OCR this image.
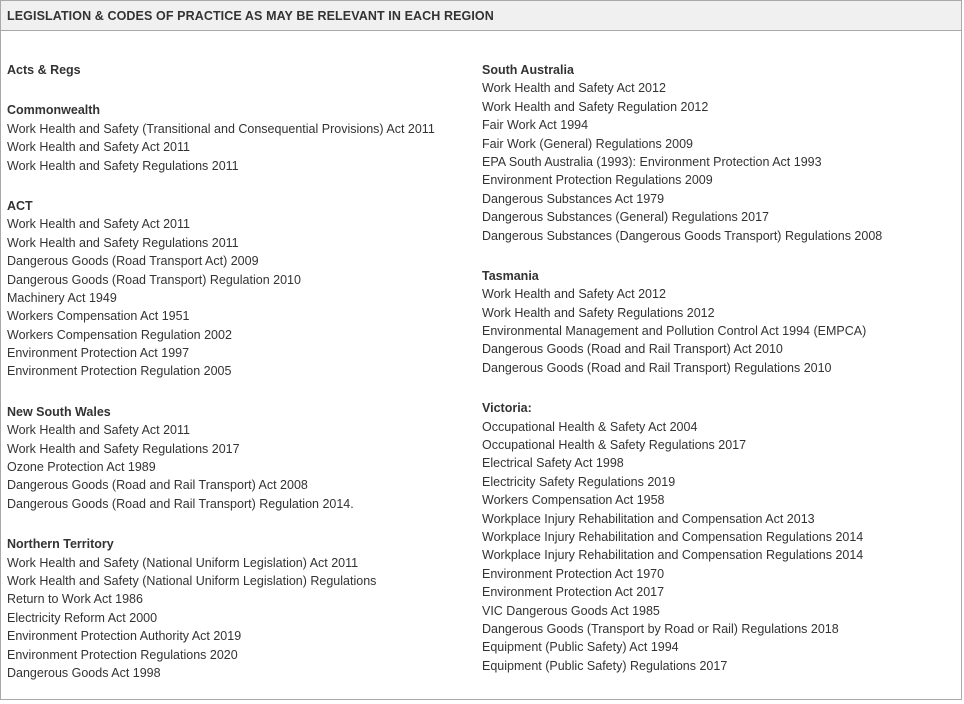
LEGISLATION & CODES OF PRACTICE AS MAY BE RELEVANT IN EACH REGION
Acts & Regs
Commonwealth
Work Health and Safety (Transitional and Consequential Provisions) Act 2011
Work Health and Safety Act 2011
Work Health and Safety Regulations 2011
ACT
Work Health and Safety Act 2011
Work Health and Safety Regulations 2011
Dangerous Goods (Road Transport Act) 2009
Dangerous Goods (Road Transport) Regulation 2010
Machinery Act 1949
Workers Compensation Act 1951
Workers Compensation Regulation 2002
Environment Protection Act 1997
Environment Protection Regulation 2005
New South Wales
Work Health and Safety Act 2011
Work Health and Safety Regulations 2017
Ozone Protection Act 1989
Dangerous Goods (Road and Rail Transport) Act 2008
Dangerous Goods (Road and Rail Transport) Regulation 2014.
Northern Territory
Work Health and Safety (National Uniform Legislation) Act 2011
Work Health and Safety (National Uniform Legislation) Regulations
Return to Work Act 1986
Electricity Reform Act 2000
Environment Protection Authority Act 2019
Environment Protection Regulations 2020
Dangerous Goods Act 1998
South Australia
Work Health and Safety Act 2012
Work Health and Safety Regulation 2012
Fair Work Act 1994
Fair Work (General) Regulations 2009
EPA South Australia (1993): Environment Protection Act 1993
Environment Protection Regulations 2009
Dangerous Substances Act 1979
Dangerous Substances (General) Regulations 2017
Dangerous Substances (Dangerous Goods Transport) Regulations 2008
Tasmania
Work Health and Safety Act 2012
Work Health and Safety Regulations 2012
Environmental Management and Pollution Control Act 1994 (EMPCA)
Dangerous Goods (Road and Rail Transport) Act 2010
Dangerous Goods (Road and Rail Transport) Regulations 2010
Victoria:
Occupational Health & Safety Act 2004
Occupational Health & Safety Regulations 2017
Electrical Safety Act 1998
Electricity Safety Regulations 2019
Workers Compensation Act 1958
Workplace Injury Rehabilitation and Compensation Act 2013
Workplace Injury Rehabilitation and Compensation Regulations 2014
Workplace Injury Rehabilitation and Compensation Regulations 2014
Environment Protection Act 1970
Environment Protection Act 2017
VIC Dangerous Goods Act 1985
Dangerous Goods (Transport by Road or Rail) Regulations 2018
Equipment (Public Safety) Act 1994
Equipment (Public Safety) Regulations 2017
